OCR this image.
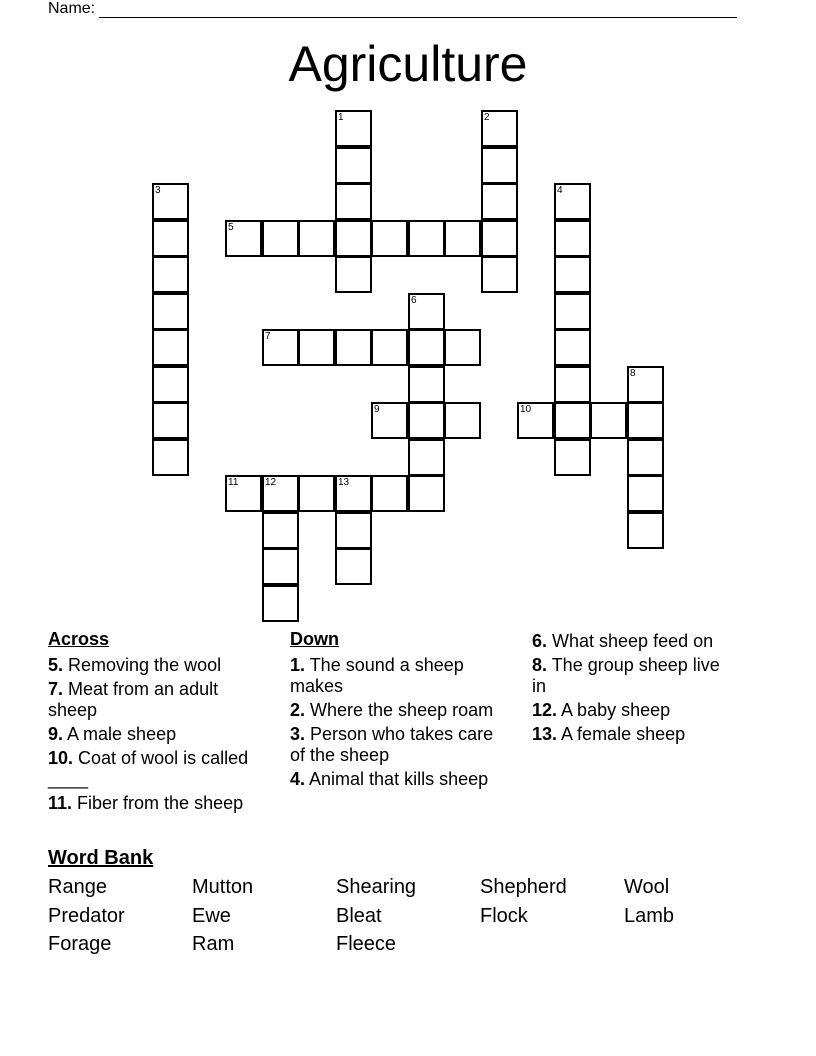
Name:
Agriculture
1	2
3	4
5
6
7
8
9	10
11	12	13
Across
5. Removing the wool
7. Meat from an adult sheep
9. A male sheep
10. Coat of wool is called ____
11. Fiber from the sheep
Down
1. The sound a sheep makes
2. Where the sheep roam
3. Person who takes care of the sheep
4. Animal that kills sheep
6. What sheep feed on
8. The group sheep live in
12. A baby sheep
13. A female sheep
Word Bank
Range	Mutton	Shearing	Shepherd	Wool
Predator	Ewe	Bleat	Flock	Lamb
Forage	Ram	Fleece
